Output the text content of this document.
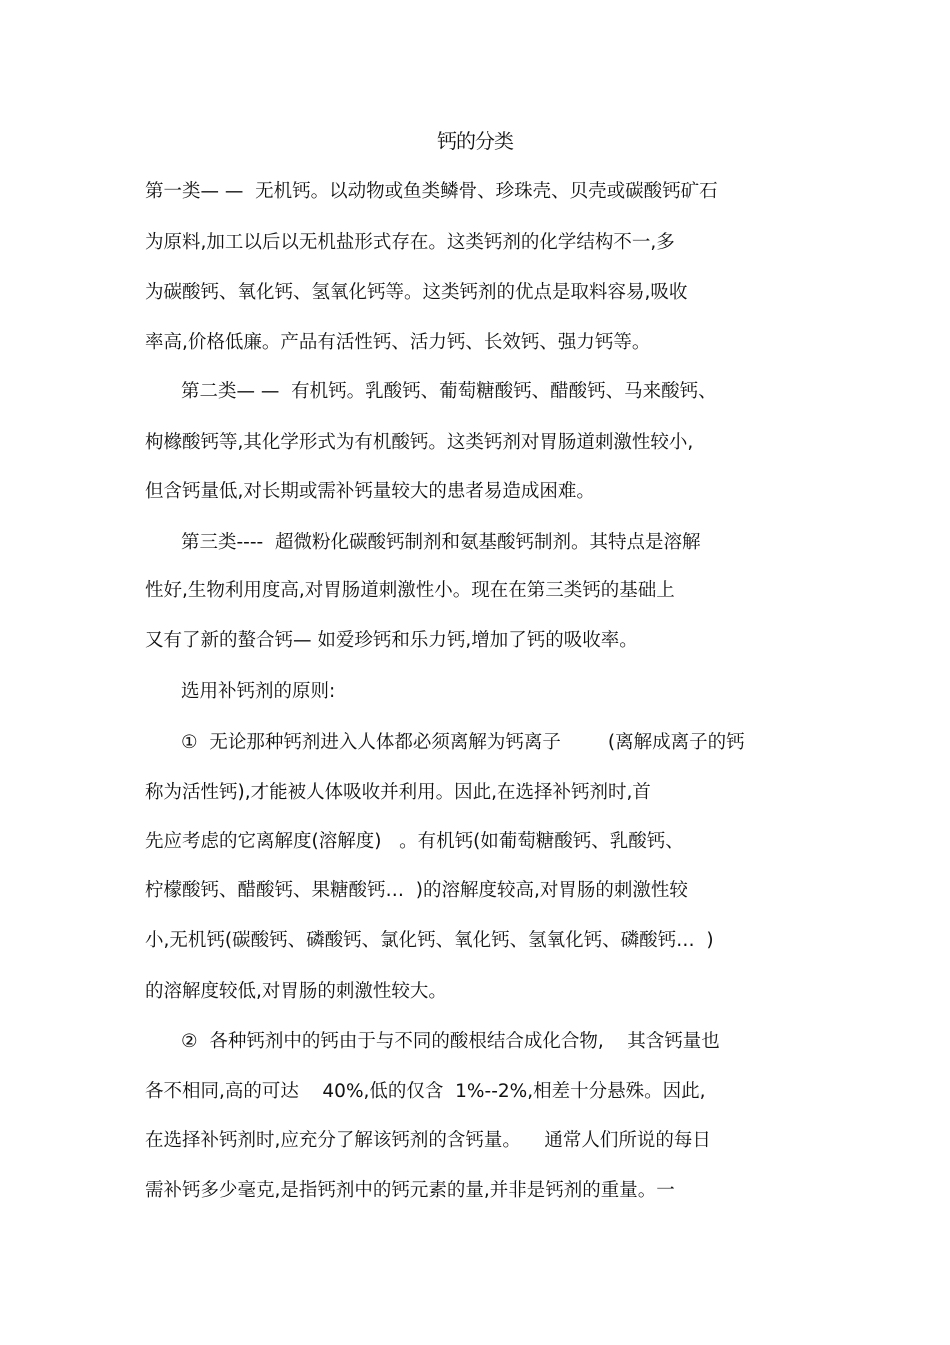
钙的分类

第一类— —  无机钙。以动物或鱼类鳞骨、珍珠壳、贝壳或碳酸钙矿石

为原料,加工以后以无机盐形式存在。这类钙剂的化学结构不一,多

为碳酸钙、氧化钙、氢氧化钙等。这类钙剂的优点是取料容易,吸收

率高,价格低廉。产品有活性钙、活力钙、长效钙、强力钙等。

第二类— —  有机钙。乳酸钙、葡萄糖酸钙、醋酸钙、马来酸钙、

枸橼酸钙等,其化学形式为有机酸钙。这类钙剂对胃肠道刺激性较小,

但含钙量低,对长期或需补钙量较大的患者易造成困难。

第三类----  超微粉化碳酸钙制剂和氨基酸钙制剂。其特点是溶解

性好,生物利用度高,对胃肠道刺激性小。现在在第三类钙的基础上

又有了新的螯合钙— 如爱珍钙和乐力钙,增加了钙的吸收率。

选用补钙剂的原则:

①  无论那种钙剂进入人体都必须离解为钙离子        (离解成离子的钙

称为活性钙),才能被人体吸收并利用。因此,在选择补钙剂时,首

先应考虑的它离解度(溶解度)   。有机钙(如葡萄糖酸钙、乳酸钙、

柠檬酸钙、醋酸钙、果糖酸钙…  )的溶解度较高,对胃肠的刺激性较

小,无机钙(碳酸钙、磷酸钙、氯化钙、氧化钙、氢氧化钙、磷酸钙…  )

的溶解度较低,对胃肠的刺激性较大。

②  各种钙剂中的钙由于与不同的酸根结合成化合物,    其含钙量也

各不相同,高的可达    40%,低的仅含  1%--2%,相差十分悬殊。因此,

在选择补钙剂时,应充分了解该钙剂的含钙量。    通常人们所说的每日

需补钙多少毫克,是指钙剂中的钙元素的量,并非是钙剂的重量。一
